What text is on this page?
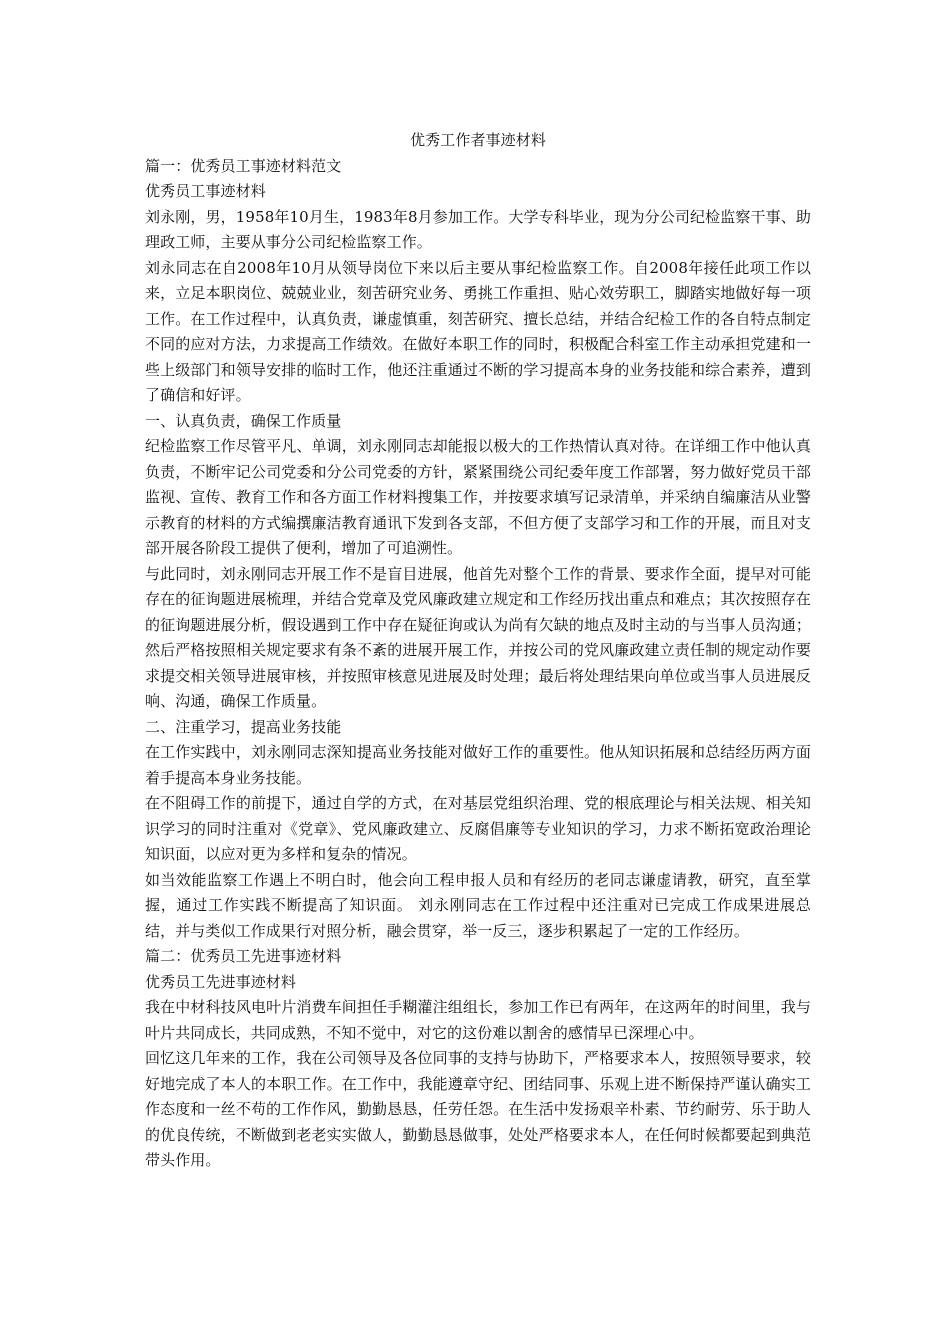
优秀工作者事迹材料

篇一：优秀员工事迹材料范文

优秀员工事迹材料

刘永刚，男，1958年10月生，1983年8月参加工作。大学专科毕业，现为分公司纪检监察干事、助理政工师，主要从事分公司纪检监察工作。

刘永同志在自2008年10月从领导岗位下来以后主要从事纪检监察工作。自2008年接任此项工作以来，立足本职岗位、兢兢业业，刻苦研究业务、勇挑工作重担、贴心效劳职工，脚踏实地做好每一项工作。在工作过程中，认真负责，谦虚慎重，刻苦研究、擅长总结，并结合纪检工作的各自特点制定不同的应对方法，力求提高工作绩效。在做好本职工作的同时，积极配合科室工作主动承担党建和一些上级部门和领导安排的临时工作，他还注重通过不断的学习提高本身的业务技能和综合素养，遭到了确信和好评。

一、认真负责，确保工作质量

纪检监察工作尽管平凡、单调，刘永刚同志却能报以极大的工作热情认真对待。在详细工作中他认真负责，不断牢记公司党委和分公司党委的方针，紧紧围绕公司纪委年度工作部署，努力做好党员干部监视、宣传、教育工作和各方面工作材料搜集工作，并按要求填写记录清单，并采纳自编廉洁从业警示教育的材料的方式编撰廉洁教育通讯下发到各支部，不但方便了支部学习和工作的开展，而且对支部开展各阶段工提供了便利，增加了可追溯性。

与此同时，刘永刚同志开展工作不是盲目进展，他首先对整个工作的背景、要求作全面，提早对可能存在的征询题进展梳理，并结合党章及党风廉政建立规定和工作经历找出重点和难点；其次按照存在的征询题进展分析，假设遇到工作中存在疑征询或认为尚有欠缺的地点及时主动的与当事人员沟通；然后严格按照相关规定要求有条不紊的进展开展工作，并按公司的党风廉政建立责任制的规定动作要求提交相关领导进展审核，并按照审核意见进展及时处理；最后将处理结果向单位或当事人员进展反响、沟通，确保工作质量。

二、注重学习，提高业务技能

在工作实践中，刘永刚同志深知提高业务技能对做好工作的重要性。他从知识拓展和总结经历两方面着手提高本身业务技能。

在不阻碍工作的前提下，通过自学的方式，在对基层党组织治理、党的根底理论与相关法规、相关知识学习的同时注重对《党章》、党风廉政建立、反腐倡廉等专业知识的学习，力求不断拓宽政治理论知识面，以应对更为多样和复杂的情况。

如当效能监察工作遇上不明白时，他会向工程申报人员和有经历的老同志谦虚请教，研究，直至掌握，通过工作实践不断提高了知识面。 刘永刚同志在工作过程中还注重对已完成工作成果进展总结，并与类似工作成果行对照分析，融会贯穿，举一反三，逐步积累起了一定的工作经历。

篇二：优秀员工先进事迹材料

优秀员工先进事迹材料

我在中材科技风电叶片消费车间担任手糊灌注组组长，参加工作已有两年，在这两年的时间里，我与叶片共同成长，共同成熟，不知不觉中，对它的这份难以割舍的感情早已深埋心中。

回忆这几年来的工作，我在公司领导及各位同事的支持与协助下，严格要求本人，按照领导要求，较好地完成了本人的本职工作。在工作中，我能遵章守纪、团结同事、乐观上进不断保持严谨认确实工作态度和一丝不苟的工作作风，勤勤恳恳，任劳任怨。在生活中发扬艰辛朴素、节约耐劳、乐于助人的优良传统，不断做到老老实实做人，勤勤恳恳做事，处处严格要求本人，在任何时候都要起到典范带头作用。
